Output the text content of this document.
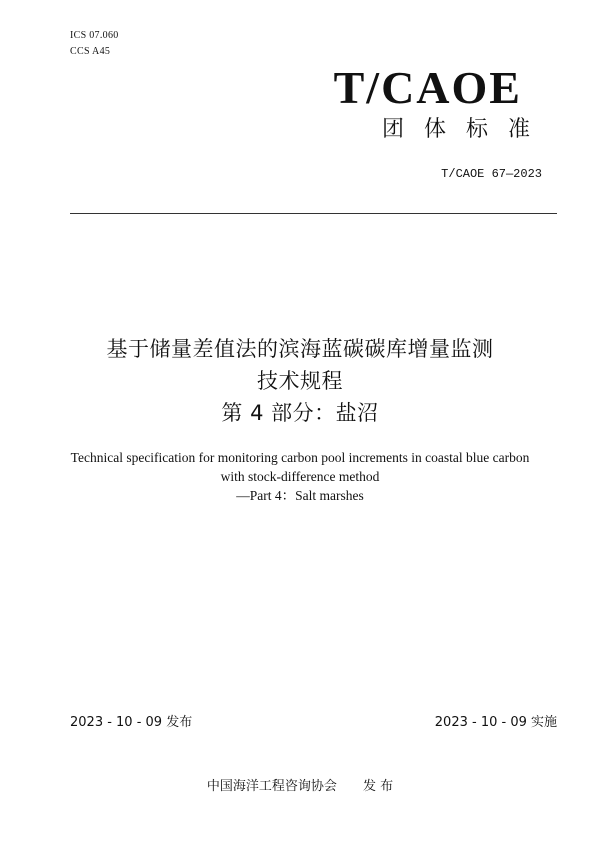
ICS 07.060
CCS A45
T/CAOE
团体标准
T/CAOE 67—2023
基于储量差值法的滨海蓝碳碳库增量监测
技术规程
第 4 部分：盐沼
Technical specification for monitoring carbon pool increments in coastal blue carbon
with stock-difference method
—Part 4：Salt marshes
2023 - 10 - 09 发布	2023 - 10 - 09 实施
中国海洋工程咨询协会 发 布
